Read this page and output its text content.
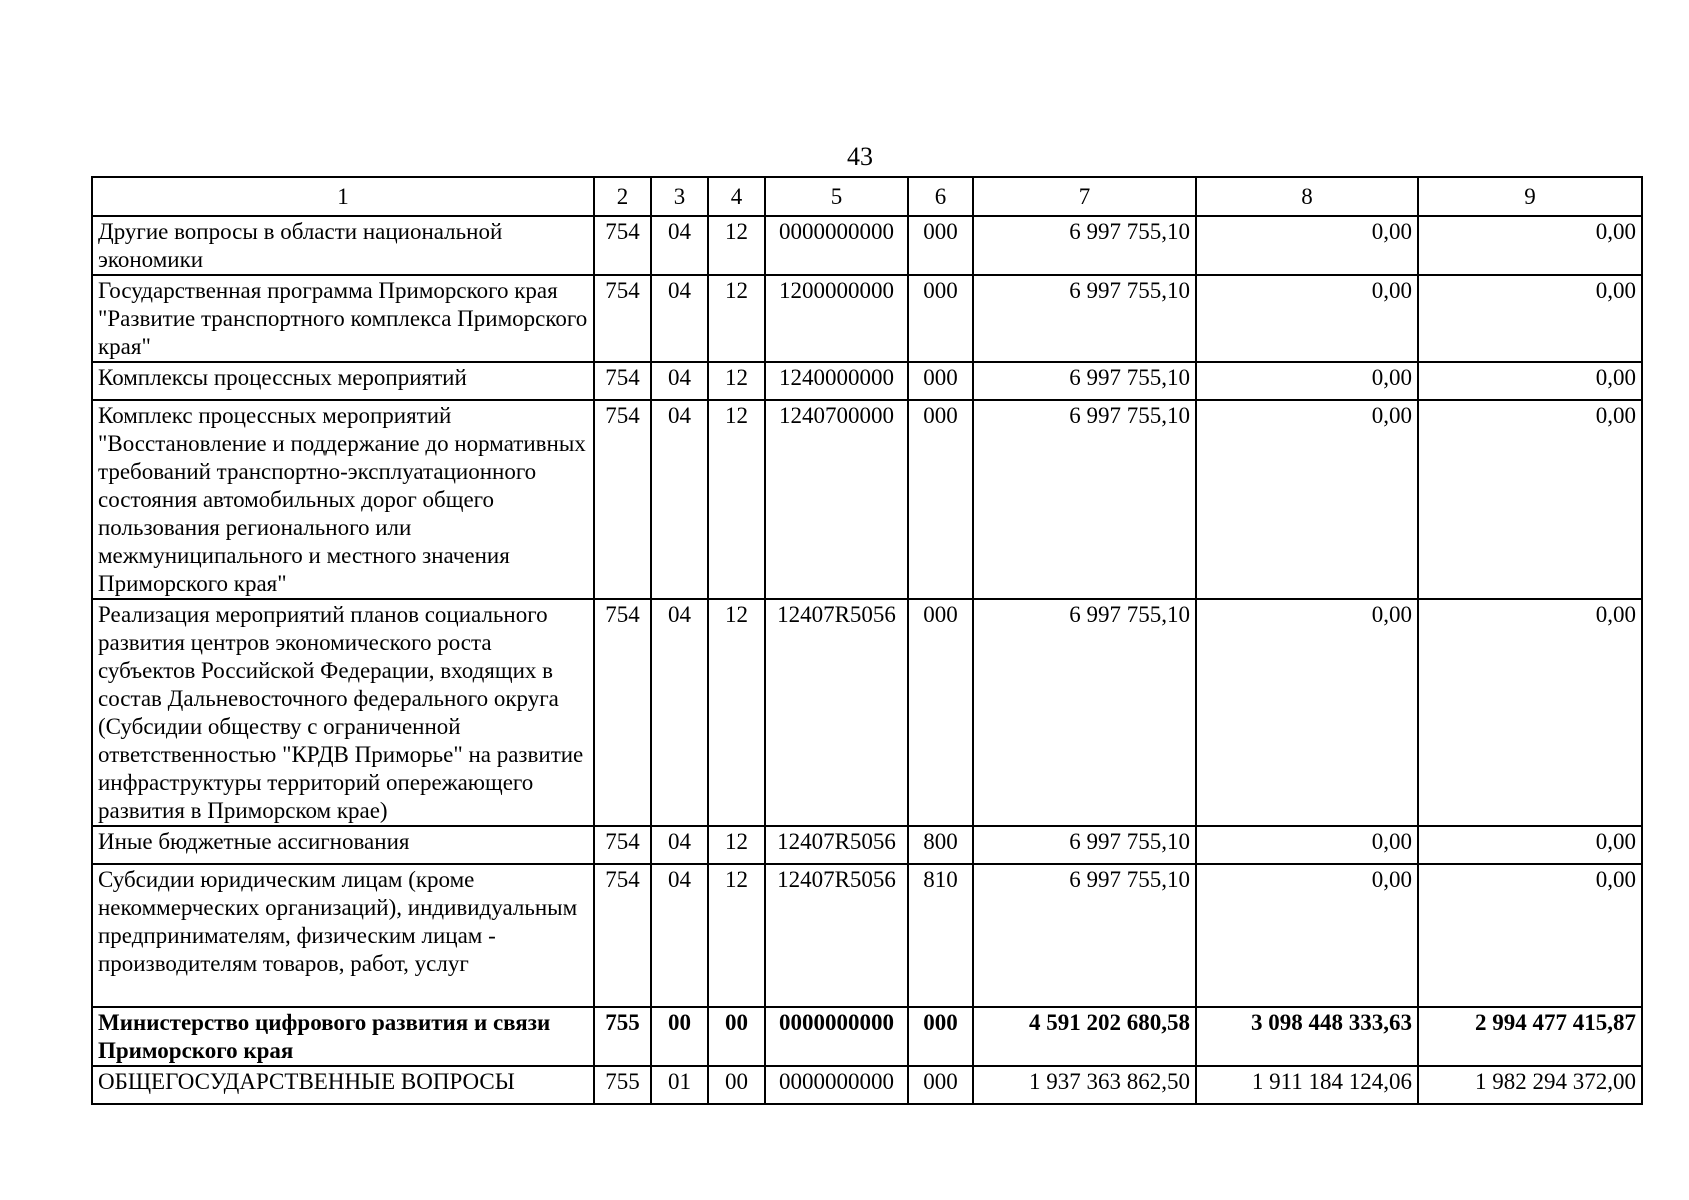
43
1	2	3	4	5	6	7	8	9
Другие вопросы в области национальной экономики	754	04	12	0000000000	000	6 997 755,10	0,00	0,00
Государственная программа Приморского края "Развитие транспортного комплекса Приморского края"	754	04	12	1200000000	000	6 997 755,10	0,00	0,00
Комплексы процессных мероприятий	754	04	12	1240000000	000	6 997 755,10	0,00	0,00
Комплекс процессных мероприятий "Восстановление и поддержание до нормативных требований транспортно-эксплуатационного состояния автомобильных дорог общего пользования регионального или межмуниципального и местного значения Приморского края"	754	04	12	1240700000	000	6 997 755,10	0,00	0,00
Реализация мероприятий планов социального развития центров экономического роста субъектов Российской Федерации, входящих в состав Дальневосточного федерального округа (Субсидии обществу с ограниченной ответственностью "КРДВ Приморье" на развитие инфраструктуры территорий опережающего развития в Приморском крае)	754	04	12	12407R5056	000	6 997 755,10	0,00	0,00
Иные бюджетные ассигнования	754	04	12	12407R5056	800	6 997 755,10	0,00	0,00
Субсидии юридическим лицам (кроме некоммерческих организаций), индивидуальным предпринимателям, физическим лицам - производителям товаров, работ, услуг	754	04	12	12407R5056	810	6 997 755,10	0,00	0,00
Министерство цифрового развития и связи Приморского края	755	00	00	0000000000	000	4 591 202 680,58	3 098 448 333,63	2 994 477 415,87
ОБЩЕГОСУДАРСТВЕННЫЕ ВОПРОСЫ	755	01	00	0000000000	000	1 937 363 862,50	1 911 184 124,06	1 982 294 372,00
